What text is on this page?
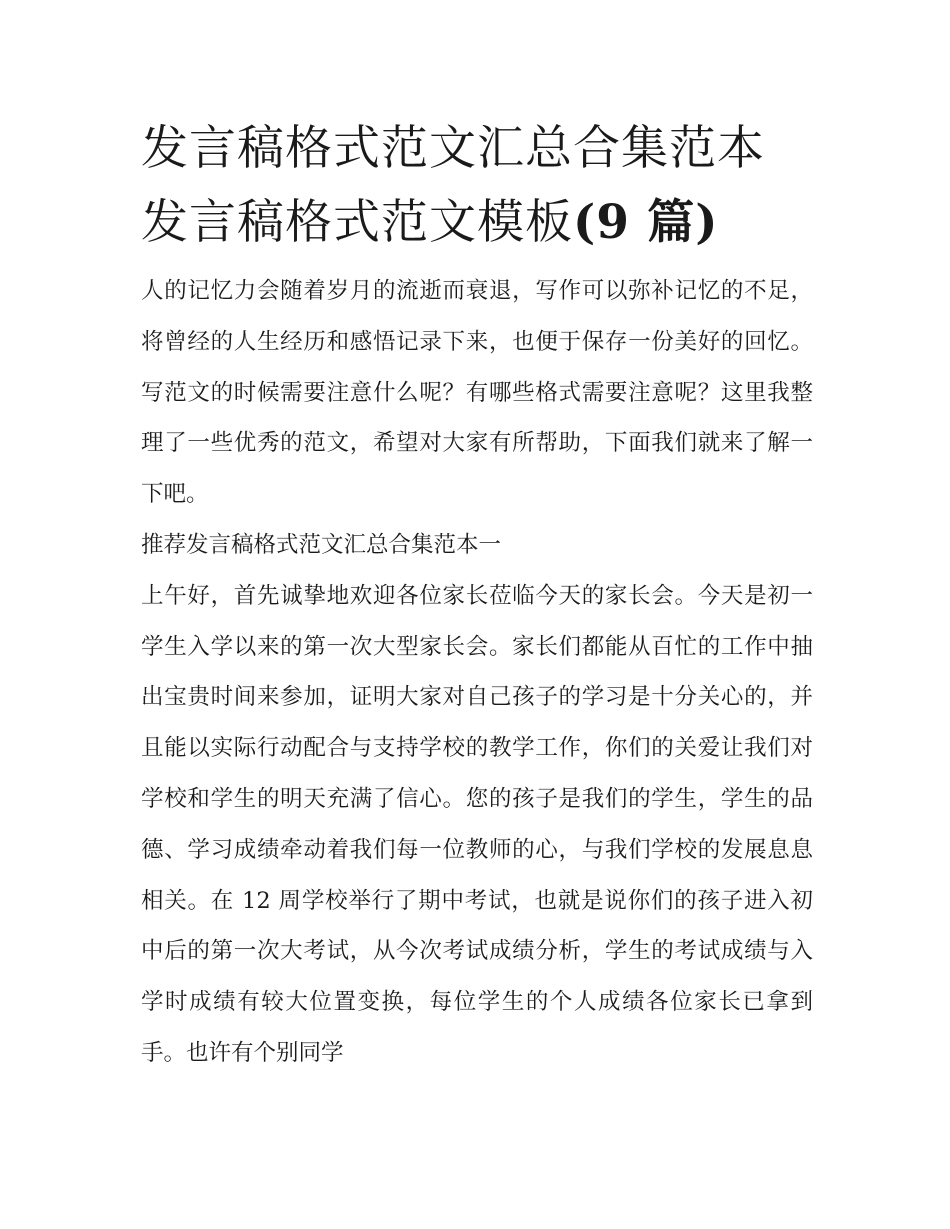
发言稿格式范文汇总合集范本
发言稿格式范文模板(9 篇)

人的记忆力会随着岁月的流逝而衰退，写作可以弥补记忆的不足，将曾经的人生经历和感悟记录下来，也便于保存一份美好的回忆。写范文的时候需要注意什么呢？有哪些格式需要注意呢？这里我整理了一些优秀的范文，希望对大家有所帮助，下面我们就来了解一下吧。

推荐发言稿格式范文汇总合集范本一

上午好，首先诚挚地欢迎各位家长莅临今天的家长会。今天是初一学生入学以来的第一次大型家长会。家长们都能从百忙的工作中抽出宝贵时间来参加，证明大家对自己孩子的学习是十分关心的，并且能以实际行动配合与支持学校的教学工作，你们的关爱让我们对学校和学生的明天充满了信心。您的孩子是我们的学生，学生的品德、学习成绩牵动着我们每一位教师的心，与我们学校的发展息息相关。在 12 周学校举行了期中考试，也就是说你们的孩子进入初中后的第一次大考试，从今次考试成绩分析，学生的考试成绩与入学时成绩有较大位置变换，每位学生的个人成绩各位家长已拿到手。也许有个别同学
